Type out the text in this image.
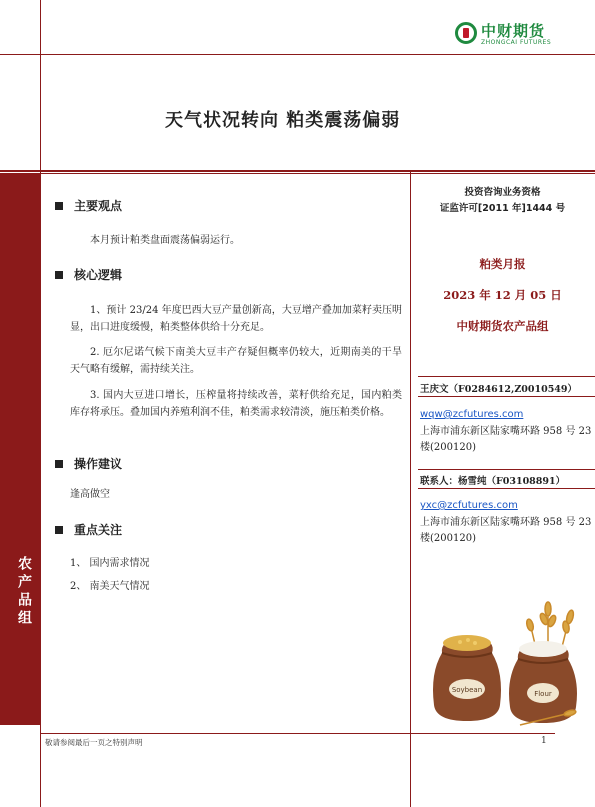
中财期货
ZHONGCAI FUTURES
天气状况转向 粕类震荡偏弱
农产品组
主要观点
本月预计粕类盘面震荡偏弱运行。
核心逻辑
1、预计 23/24 年度巴西大豆产量创新高，大豆增产叠加加菜籽卖压明显，出口进度缓慢，粕类整体供给十分充足。
2. 厄尔尼诺气候下南美大豆丰产存疑但概率仍较大，近期南美的干旱天气略有缓解，需持续关注。
3. 国内大豆进口增长，压榨量将持续改善，菜籽供给充足，国内粕类库存将承压。叠加国内养殖利润不佳，粕类需求较清淡，施压粕类价格。
操作建议
逢高做空
重点关注
1、 国内需求情况
2、 南美天气情况
投资咨询业务资格
证监许可[2011 年]1444 号
粕类月报
2023 年 12 月 05 日
中财期货农产品组
王庆文（F0284612,Z0010549）
wqw@zcfutures.com
上海市浦东新区陆家嘴环路 958 号 23 楼(200120)
联系人：杨雪纯（F03108891）
yxc@zcfutures.com
上海市浦东新区陆家嘴环路 958 号 23 楼(200120)
Soybean	Flour
敬请参阅最后一页之特别声明	1
